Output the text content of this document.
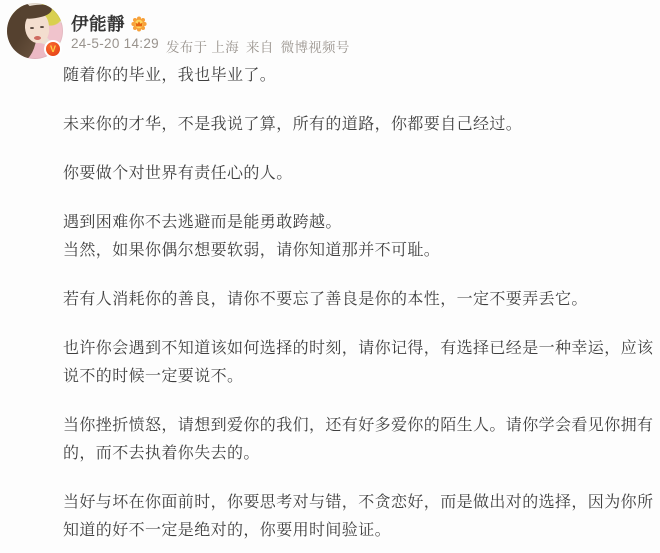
V
伊能靜
24-5-20 14:29 发布于 上海 来自 微博视频号
随着你的毕业，我也毕业了。
未来你的才华，不是我说了算，所有的道路，你都要自己经过。
你要做个对世界有责任心的人。
遇到困难你不去逃避而是能勇敢跨越。
当然，如果你偶尔想要软弱，请你知道那并不可耻。
若有人消耗你的善良，请你不要忘了善良是你的本性，一定不要弄丢它。
也许你会遇到不知道该如何选择的时刻，请你记得，有选择已经是一种幸运，应该
说不的时候一定要说不。
当你挫折愤怒，请想到爱你的我们，还有好多爱你的陌生人。请你学会看见你拥有
的，而不去执着你失去的。
当好与坏在你面前时，你要思考对与错，不贪恋好，而是做出对的选择，因为你所
知道的好不一定是绝对的，你要用时间验证。
